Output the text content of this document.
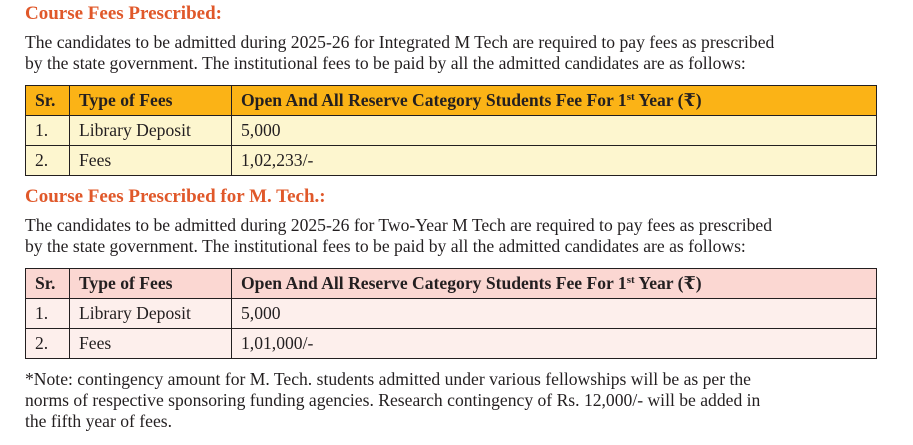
Course Fees Prescribed:
The candidates to be admitted during 2025-26 for Integrated M Tech are required to pay fees as prescribed
by the state government. The institutional fees to be paid by all the admitted candidates are as follows:
Sr.	Type of Fees	Open And All Reserve Category Students Fee For 1st Year (₹)
1.	Library Deposit	5,000
2.	Fees	1,02,233/-
Course Fees Prescribed for M. Tech.:
The candidates to be admitted during 2025-26 for Two-Year M Tech are required to pay fees as prescribed
by the state government. The institutional fees to be paid by all the admitted candidates are as follows:
Sr.	Type of Fees	Open And All Reserve Category Students Fee For 1st Year (₹)
1.	Library Deposit	5,000
2.	Fees	1,01,000/-
*Note: contingency amount for M. Tech. students admitted under various fellowships will be as per the
norms of respective sponsoring funding agencies. Research contingency of Rs. 12,000/- will be added in
the fifth year of fees.
